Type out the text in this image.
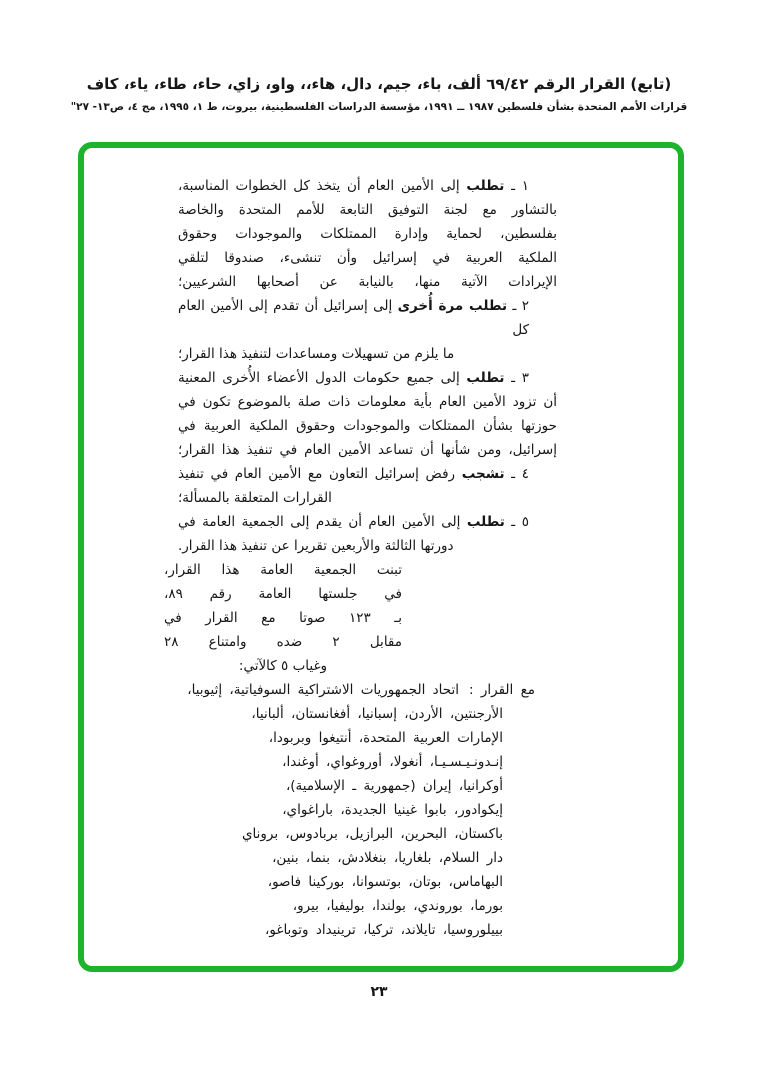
(تابع) القرار الرقم ٦٩/٤٢ ألف، باء، جيم، دال، هاء،، واو، زاي، حاء، طاء، ياء، كاف
قرارات الأمم المتحدة بشأن فلسطين ١٩٨٧ ــ ١٩٩١، مؤسسة الدراسات الفلسطينية، بيروت، ط ١، ١٩٩٥، مج ٤، ص١٣- ٢٧"

١ ـ تطلب إلى الأمين العام أن يتخذ كل الخطوات المناسبة،

بالتشاور مع لجنة التوفيق التابعة للأمم المتحدة والخاصة

بفلسطين، لحماية وإدارة الممتلكات والموجودات وحقوق

الملكية العربية في إسرائيل وأن تنشىء، صندوقا لتلقي

الإيرادات الآتية منها، بالنيابة عن أصحابها الشرعيين؛

٢ ـ تطلب مرة أُخرى إلى إسرائيل أن تقدم إلى الأمين العام كل

ما يلزم من تسهيلات ومساعدات لتنفيذ هذا القرار؛

٣ ـ تطلب إلى جميع حكومات الدول الأعضاء الأُخرى المعنية

أن تزود الأمين العام بأية معلومات ذات صلة بالموضوع تكون في

حوزتها بشأن الممتلكات والموجودات وحقوق الملكية العربية في

إسرائيل، ومن شأنها أن تساعد الأمين العام في تنفيذ هذا القرار؛

٤ ـ تشجب رفض إسرائيل التعاون مع الأمين العام في تنفيذ

القرارات المتعلقة بالمسألة؛

٥ ـ تطلب إلى الأمين العام أن يقدم إلى الجمعية العامة في

دورتها الثالثة والأربعين تقريرا عن تنفيذ هذا القرار.

تبنت الجمعية العامة هذا القرار،

في جلستها العامة رقم ٨٩،

بـ ١٢٣ صوتا مع القرار في

مقابل ٢ ضده وامتناع ٢٨

وغياب ٥ كالآتي:

مع القرار :اتحاد الجمهوريات الاشتراكية السوفياتية، إثيوبيا،

الأرجنتين، الأردن، إسبانيا، أفغانستان، ألبانيا،

الإمارات العربية المتحدة، أنتيغوا وبربودا،

إنـدونـيـسـيـا، أنغولا، أوروغواي، أوغندا،

أوكرانيا، إيران (جمهورية ـ الإسلامية)،

إيكوادور، بابوا غينيا الجديدة، باراغواي،

باكستان، البحرين، البرازيل، بربادوس، بروناي

دار السلام، بلغاريا، بنغلادش، بنما، بنين،

البهاماس، بوتان، بوتسوانا، بوركينا فاصو،

بورما، بوروندي، بولندا، بوليفيا، بيرو،

بييلوروسيا، تايلاند، تركيا، ترينيداد وتوباغو،

٢٣
